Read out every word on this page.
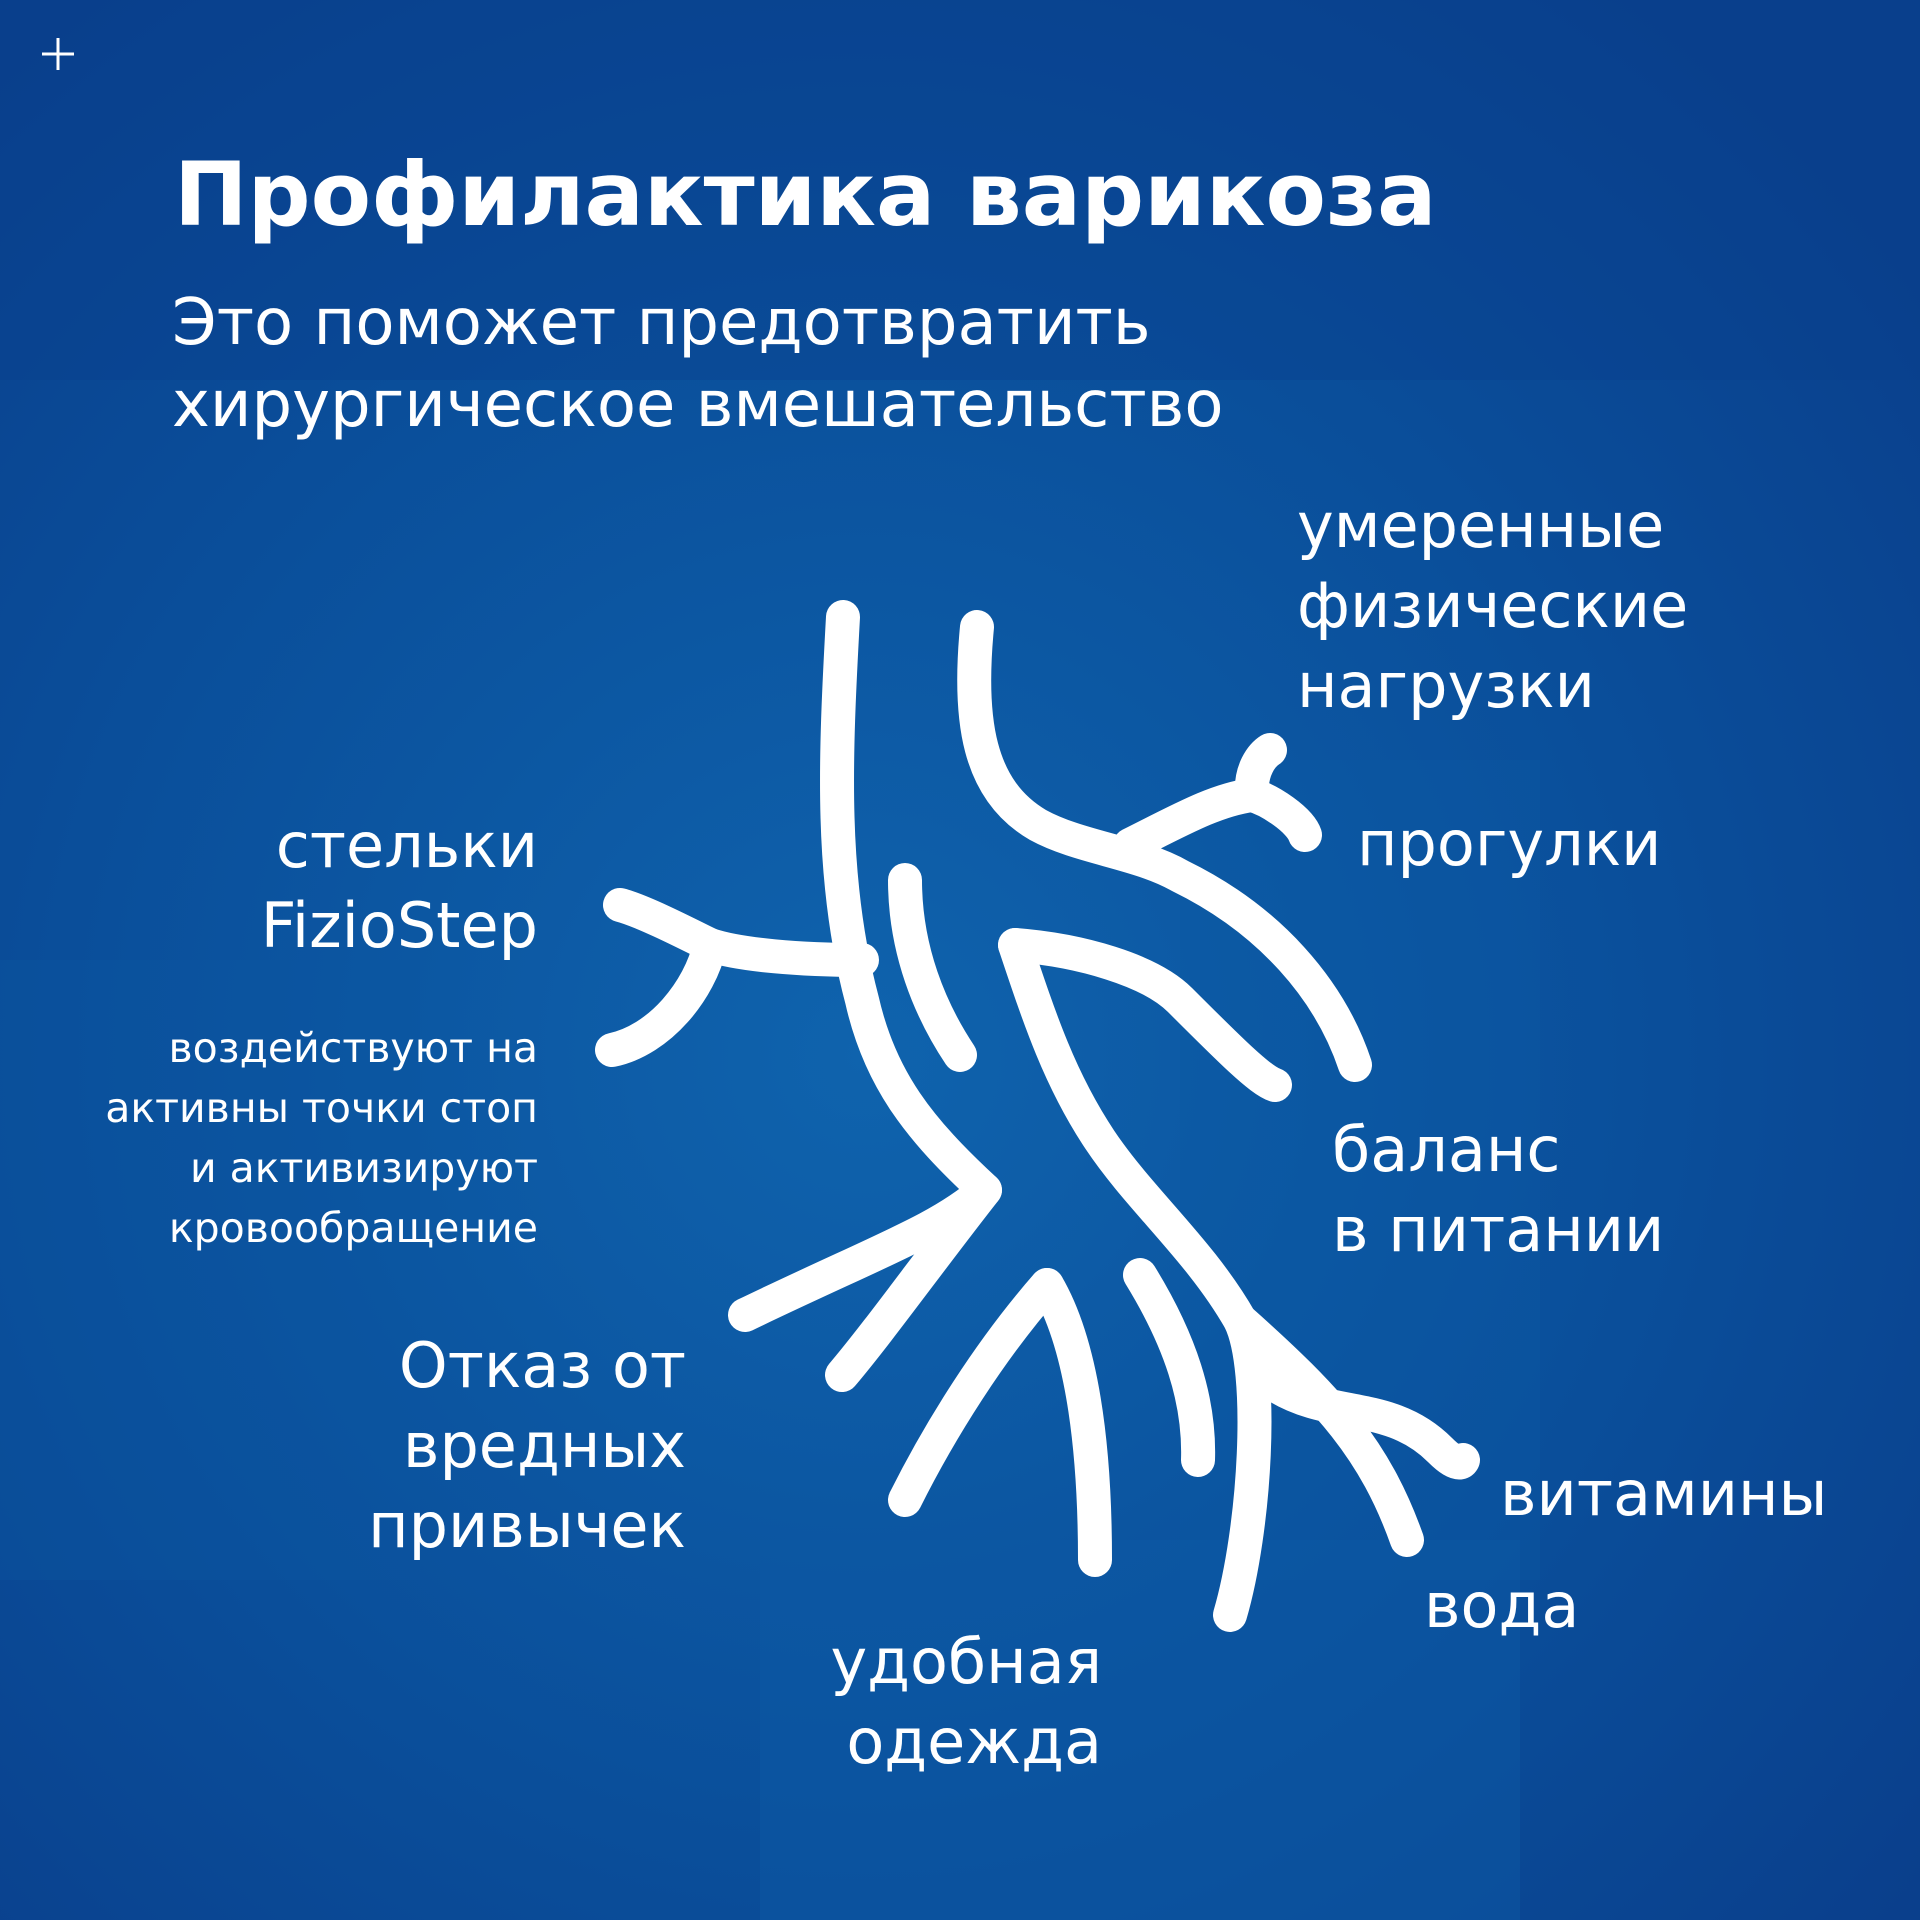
Профилактика варикоза

Это поможет предотвратить
хирургическое вмешательство

умеренные
физические
нагрузки

прогулки

стельки
FizioStep

воздействуют на
активны точки стоп
и активизируют
кровообращение

баланс
в питании

Отказ от
вредных
привычек	витамины

вода

удобная
одежда
